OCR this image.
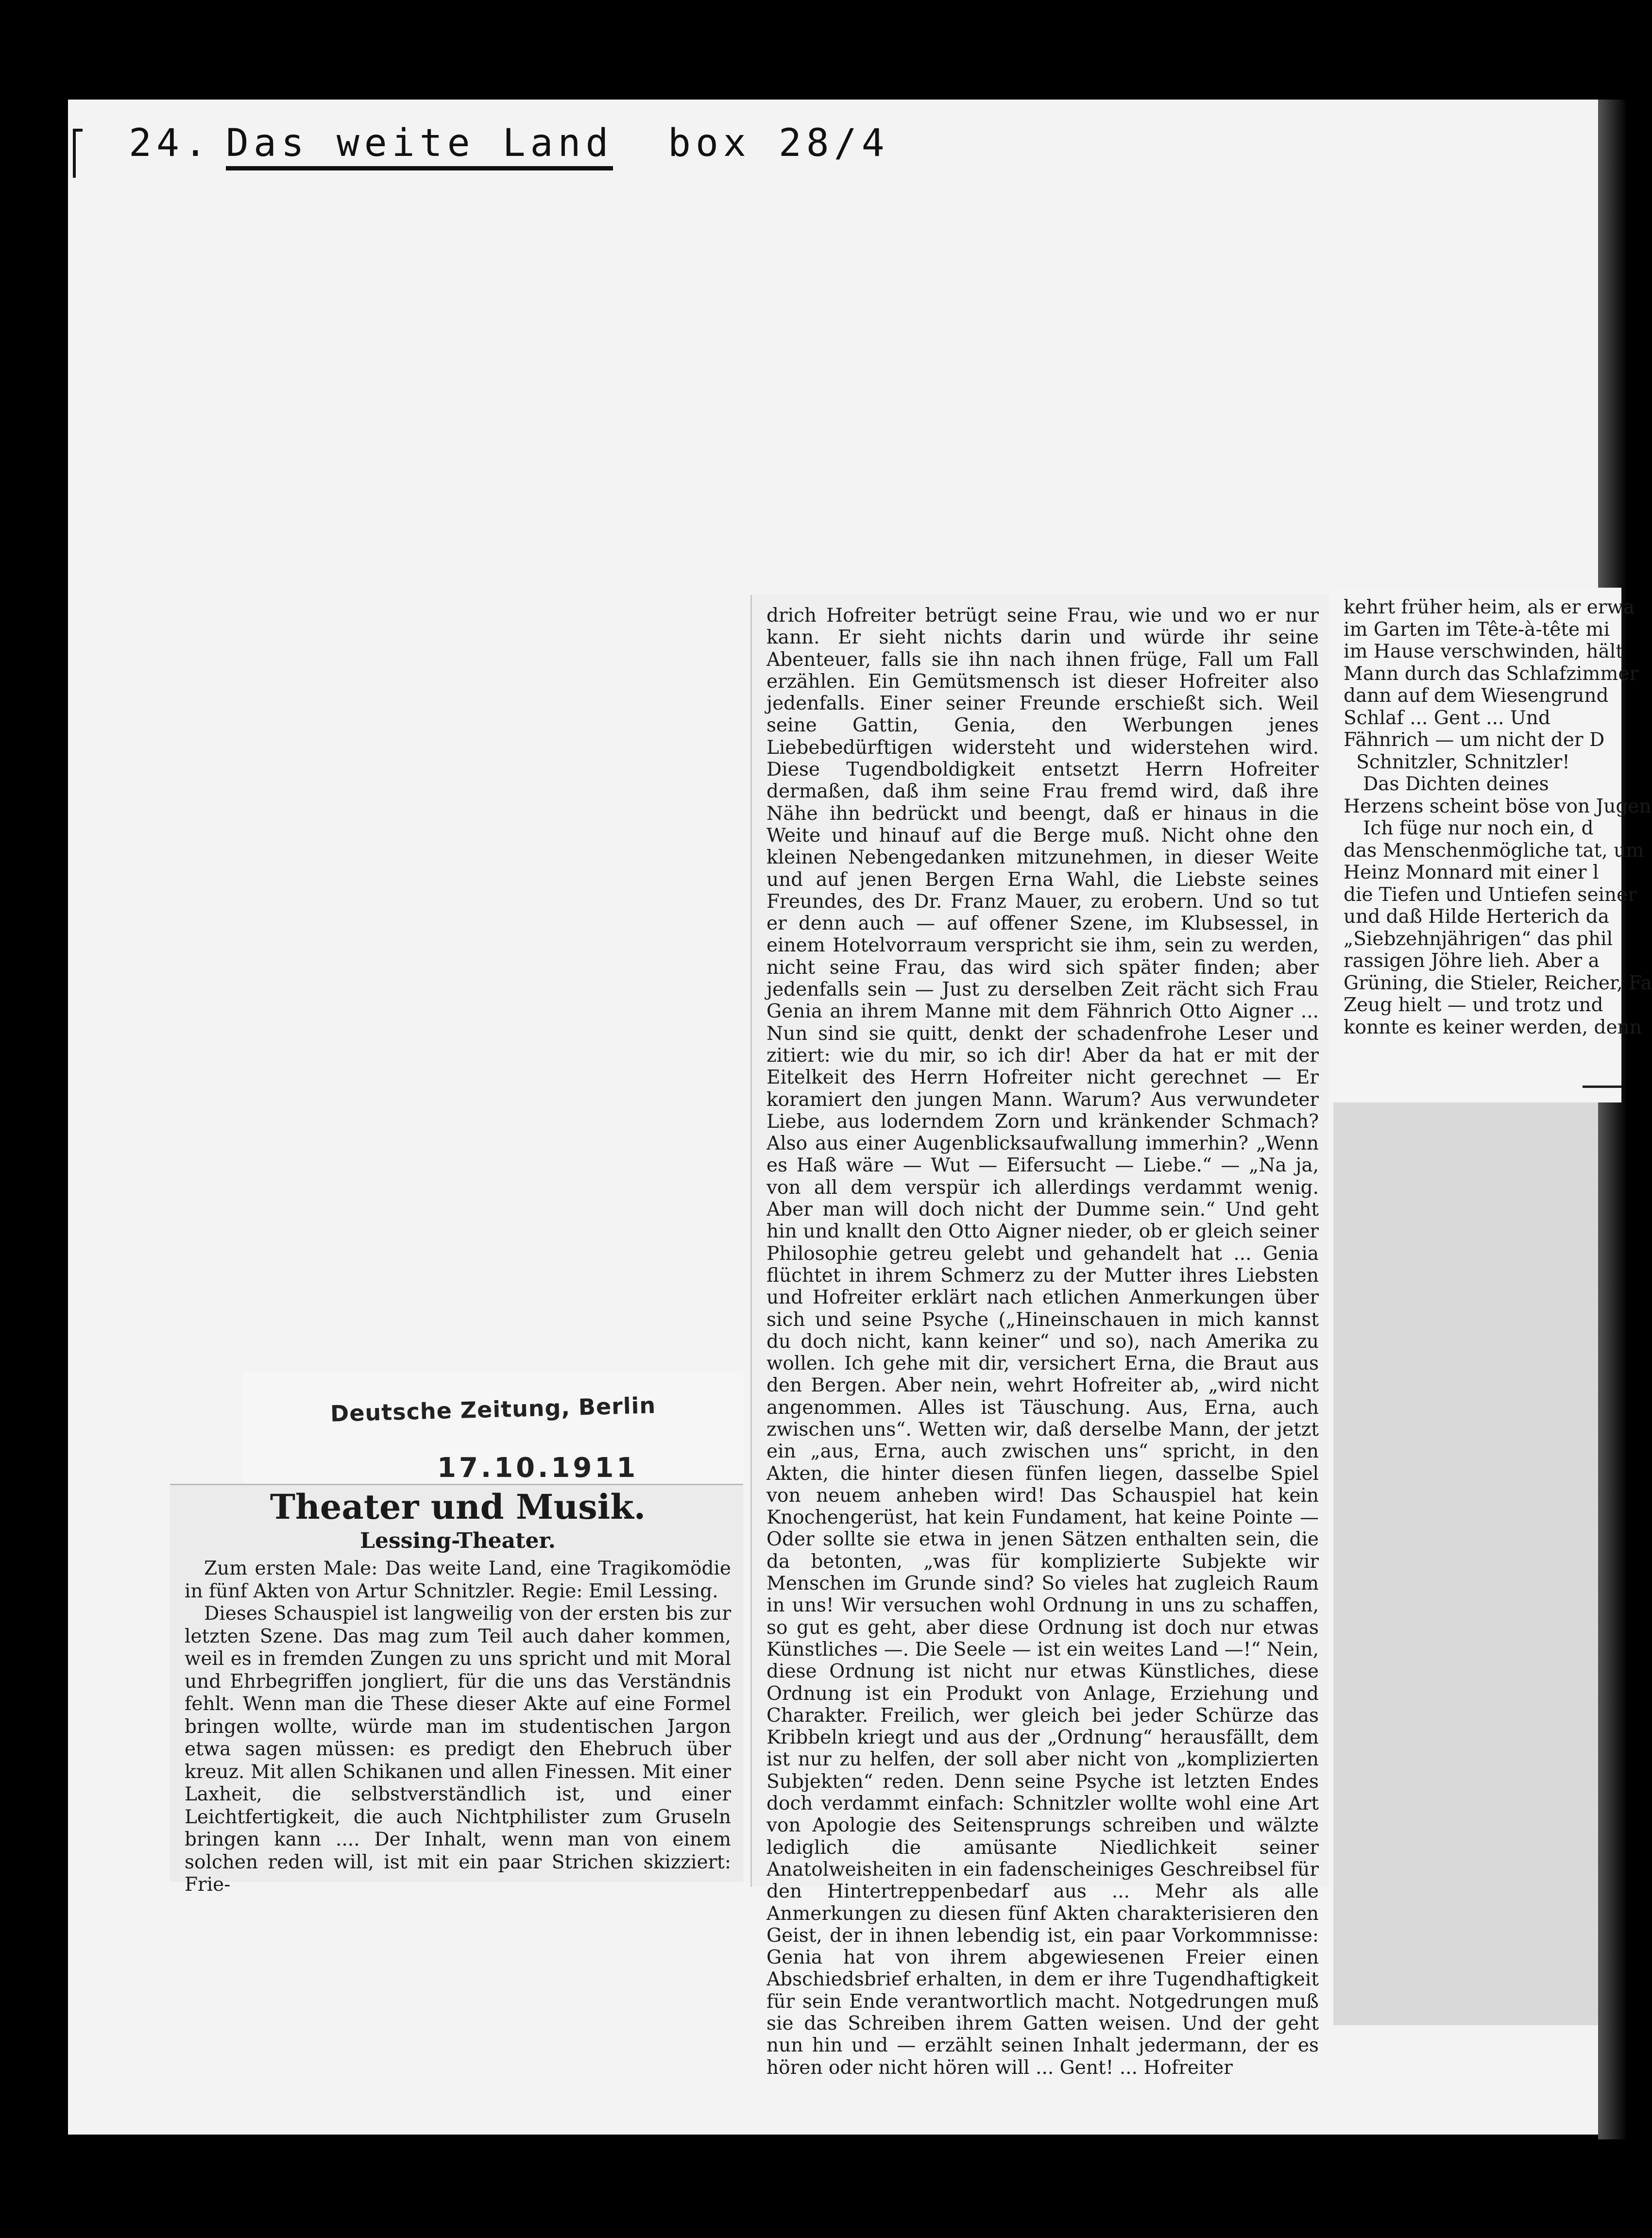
24. Das weite Land box 28/4

drich Hofreiter betrügt seine Frau, wie und wo er nur kann. Er sieht nichts darin und würde ihr seine Abenteuer, falls sie ihn nach ihnen frügе, Fall um Fall erzählen. Ein Gemütsmensch ist dieser Hofreiter also jedenfalls. Einer seiner Freunde erschießt sich. Weil seine Gattin, Genia, den Werbungen jenes Liebebedürftigen widersteht und widerstehen wird. Diese Tugendboldigkeit entsetzt Herrn Hofreiter dermaßen, daß ihm seine Frau fremd wird, daß ihre Nähe ihn bedrückt und beengt, daß er hinaus in die Weite und hinauf auf die Berge muß. Nicht ohne den kleinen Nebengedanken mitzunehmen, in dieser Weite und auf jenen Bergen Erna Wahl, die Liebste seines Freundes, des Dr. Franz Mauer, zu erobern. Und so tut er denn auch — auf offener Szene, im Klubsessel, in einem Hotelvorraum verspricht sie ihm, sein zu werden, nicht seine Frau, das wird sich später finden; aber jedenfalls sein — Just zu derselben Zeit rächt sich Frau Genia an ihrem Manne mit dem Fähnrich Otto Aigner ... Nun sind sie quitt, denkt der schadenfrohe Leser und zitiert: wie du mir, so ich dir! Aber da hat er mit der Eitelkeit des Herrn Hofreiter nicht gerechnet — Er koramiert den jungen Mann. Warum? Aus verwundeter Liebe, aus loderndem Zorn und kränkender Schmach? Also aus einer Augenblicksaufwallung immerhin? „Wenn es Haß wäre — Wut — Eifersucht — Liebe.“ — „Na ja, von all dem verspür ich allerdings verdammt wenig. Aber man will doch nicht der Dumme sein.“ Und geht hin und knallt den Otto Aigner nieder, ob er gleich seiner Philosophie getreu gelebt und gehandelt hat ... Genia flüchtet in ihrem Schmerz zu der Mutter ihres Liebsten und Hofreiter erklärt nach etlichen Anmerkungen über sich und seine Psyche („Hineinschauen in mich kannst du doch nicht, kann keiner“ und so), nach Amerika zu wollen. Ich gehe mit dir, versichert Erna, die Braut aus den Bergen. Aber nein, wehrt Hofreiter ab, „wird nicht angenommen. Alles ist Täuschung. Aus, Erna, auch zwischen uns“. Wetten wir, daß derselbe Mann, der jetzt ein „aus, Erna, auch zwischen uns“ spricht, in den Akten, die hinter diesen fünfen liegen, dasselbe Spiel von neuem anheben wird! Das Schauspiel hat kein Knochengerüst, hat kein Fundament, hat keine Pointe — Oder sollte sie etwa in jenen Sätzen enthalten sein, die da betonten, „was für komplizierte Subjekte wir Menschen im Grunde sind? So vieles hat zugleich Raum in uns! Wir versuchen wohl Ordnung in uns zu schaffen, so gut es geht, aber diese Ordnung ist doch nur etwas Künstliches —. Die Seele — ist ein weites Land —!“ Nein, diese Ordnung ist nicht nur etwas Künstliches, diese Ordnung ist ein Produkt von Anlage, Erziehung und Charakter. Freilich, wer gleich bei jeder Schürze das Kribbeln kriegt und aus der „Ordnung“ herausfällt, dem ist nur zu helfen, der soll aber nicht von „komplizierten Subjekten“ reden. Denn seine Psyche ist letzten Endes doch verdammt einfach: Schnitzler wollte wohl eine Art von Apologie des Seitensprungs schreiben und wälzte lediglich die amüsante Niedlichkeit seiner Anatolweisheiten in ein fadenscheiniges Geschreibsel für den Hintertreppenbedarf aus ... Mehr als alle Anmerkungen zu diesen fünf Akten charakterisieren den Geist, der in ihnen lebendig ist, ein paar Vorkommnisse: Genia hat von ihrem abgewiesenen Freier einen Abschiedsbrief erhalten, in dem er ihre Tugendhaftigkeit für sein Ende verantwortlich macht. Notgedrungen muß sie das Schreiben ihrem Gatten weisen. Und der geht nun hin und — erzählt seinen Inhalt jedermann, der es hören oder nicht hören will ... Gent! ... Hofreiter

kehrt früher heim, als er erwa

im Garten im Tête-à-tête mi

im Hause verschwinden, hält

Mann durch das Schlafzimmer

dann auf dem Wiesengrund

Schlaf ... Gent ... Und

Fähnrich — um nicht der D

Schnitzler, Schnitzler!

Das Dichten deines

Herzens scheint böse von Jugen

Ich füge nur noch ein, d

das Menschenmögliche tat, um

Heinz Monnard mit einer l

die Tiefen und Untiefen seiner

und daß Hilde Herterich da

„Siebzehnjährigen“ das phil

rassigen Jöhre lieh. Aber a

Grüning, die Stieler, Reicher, Fa

Zeug hielt — und trotz und

konnte es keiner werden, denn

Deutsche Zeitung, Berlin
17.10.1911
Theater und Musik.
Lessing-Theater.

Zum ersten Male: Das weite Land, eine Tragikomödie in fünf Akten von Artur Schnitzler. Regie: Emil Lessing.

Dieses Schauspiel ist langweilig von der ersten bis zur letzten Szene. Das mag zum Teil auch daher kommen, weil es in fremden Zungen zu uns spricht und mit Moral und Ehrbegriffen jongliert, für die uns das Verständnis fehlt. Wenn man die These dieser Akte auf eine Formel bringen wollte, würde man im studentischen Jargon etwa sagen müssen: es predigt den Ehebruch über kreuz. Mit allen Schikanen und allen Finessen. Mit einer Laxheit, die selbstverständlich ist, und einer Leichtfertigkeit, die auch Nichtphilister zum Gruseln bringen kann .... Der Inhalt, wenn man von einem solchen reden will, ist mit ein paar Strichen skizziert: Frie-
